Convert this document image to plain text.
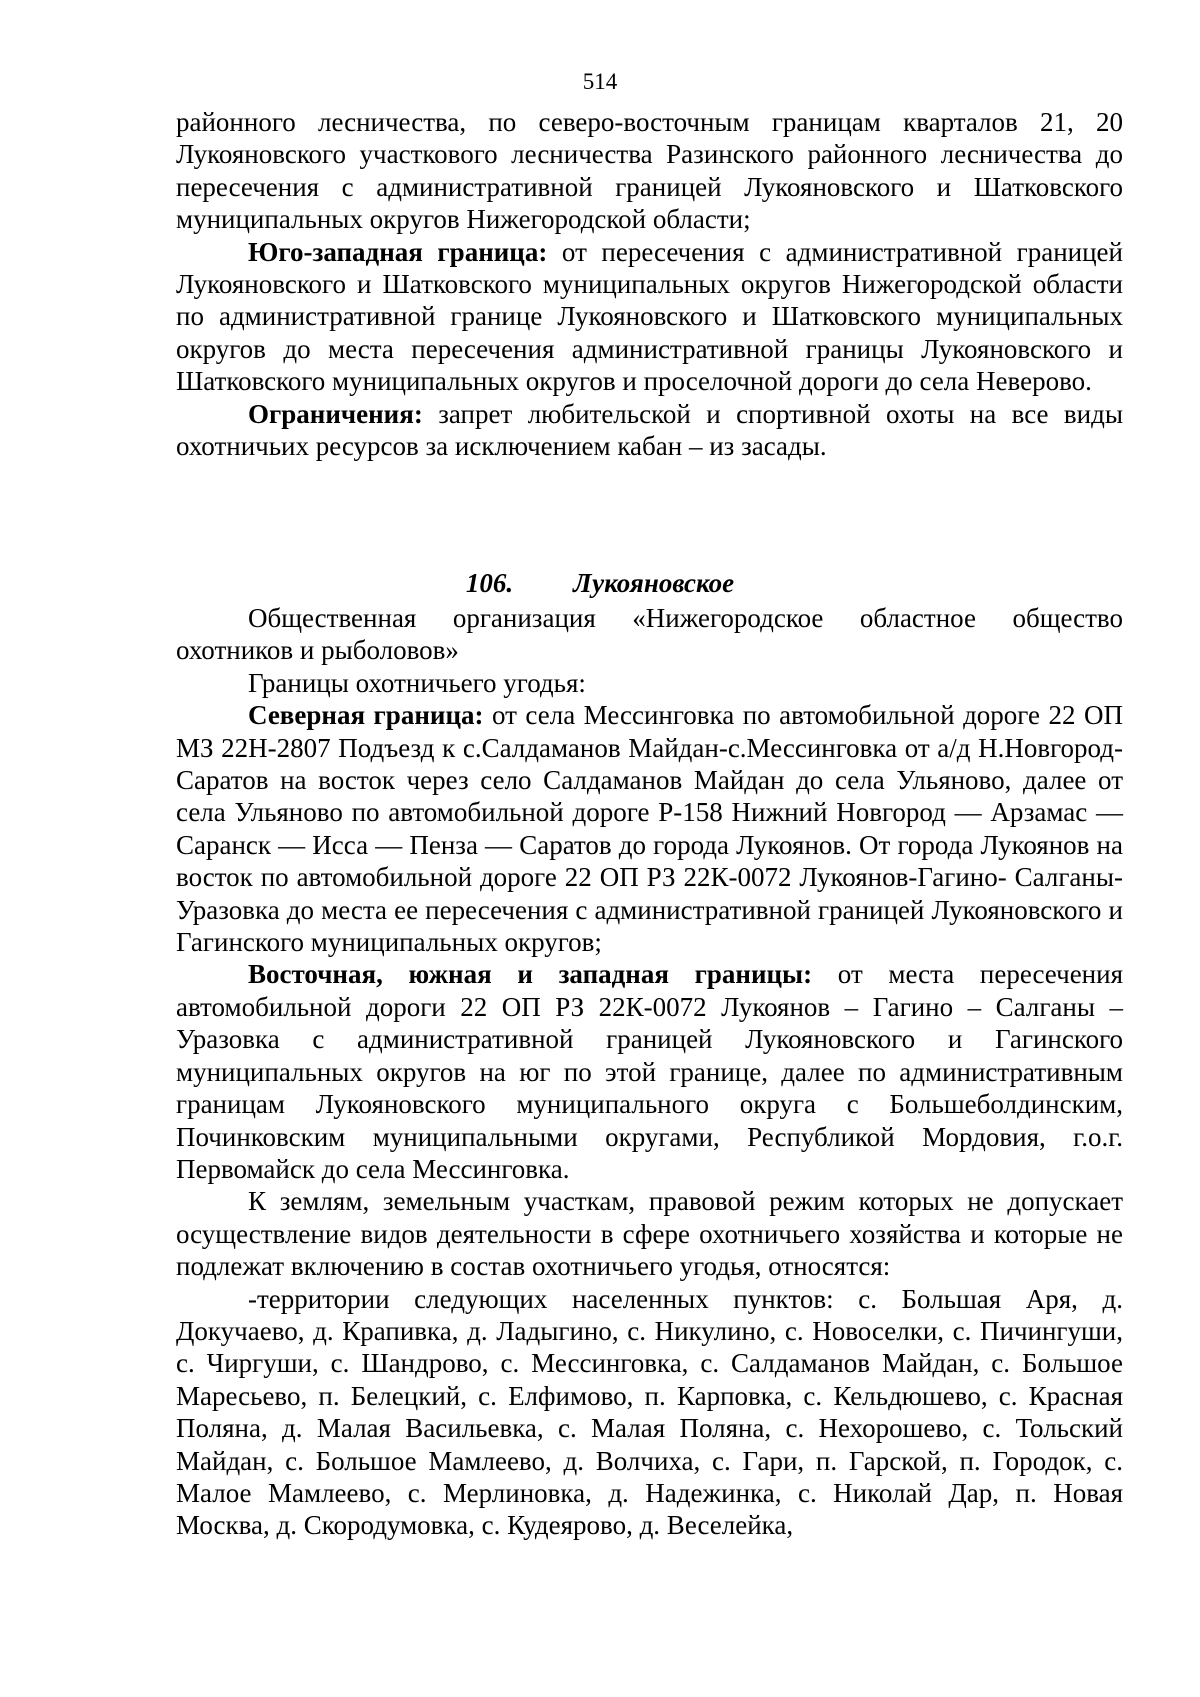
514

районного лесничества, по северо-восточным границам кварталов 21, 20 Лукояновского участкового лесничества Разинского районного лесничества до пересечения с административной границей Лукояновского и Шатковского муниципальных округов Нижегородской области;

Юго-западная граница: от пересечения с административной границей Лукояновского и Шатковского муниципальных округов Нижегородской области по административной границе Лукояновского и Шатковского муниципальных округов до места пересечения административной границы Лукояновского и Шатковского муниципальных округов и проселочной дороги до села Неверово.

Ограничения: запрет любительской и спортивной охоты на все виды охотничьих ресурсов за исключением кабан – из засады.

106. Лукояновское

Общественная организация «Нижегородское областное общество охотников и рыболовов»

Границы охотничьего угодья:

Северная граница: от села Мессинговка по автомобильной дороге 22 ОП МЗ 22Н-2807 Подъезд к с.Салдаманов Майдан-с.Мессинговка от а/д Н.Новгород-Саратов на восток через село Салдаманов Майдан до села Ульяново, далее от села Ульяново по автомобильной дороге Р-158 Нижний Новгород — Арзамас — Саранск — Исса — Пенза — Саратов до города Лукоянов. От города Лукоянов на восток по автомобильной дороге 22 ОП РЗ 22К-0072 Лукоянов-Гагино- Салганы- Уразовка до места ее пересечения с административной границей Лукояновского и Гагинского муниципальных округов;

Восточная, южная и западная границы: от места пересечения автомобильной дороги 22 ОП РЗ 22К-0072 Лукоянов – Гагино – Салганы – Уразовка с административной границей Лукояновского и Гагинского муниципальных округов на юг по этой границе, далее по административным границам Лукояновского муниципального округа с Большеболдинским, Починковским муниципальными округами, Республикой Мордовия, г.о.г. Первомайск до села Мессинговка.

К землям, земельным участкам, правовой режим которых не допускает осуществление видов деятельности в сфере охотничьего хозяйства и которые не подлежат включению в состав охотничьего угодья, относятся:

-территории следующих населенных пунктов: с. Большая Аря, д. Докучаево, д. Крапивка, д. Ладыгино, с. Никулино, с. Новоселки, с. Пичингуши, с. Чиргуши, с. Шандрово, с. Мессинговка, с. Салдаманов Майдан, с. Большое Маресьево, п. Белецкий, с. Елфимово, п. Карповка, с. Кельдюшево, с. Красная Поляна, д. Малая Васильевка, с. Малая Поляна, с. Нехорошево, с. Тольский Майдан, с. Большое Мамлеево, д. Волчиха, с. Гари, п. Гарской, п. Городок, с. Малое Мамлеево, с. Мерлиновка, д. Надежинка, с. Николай Дар, п. Новая Москва, д. Скородумовка, с. Кудеярово, д. Веселейка,
